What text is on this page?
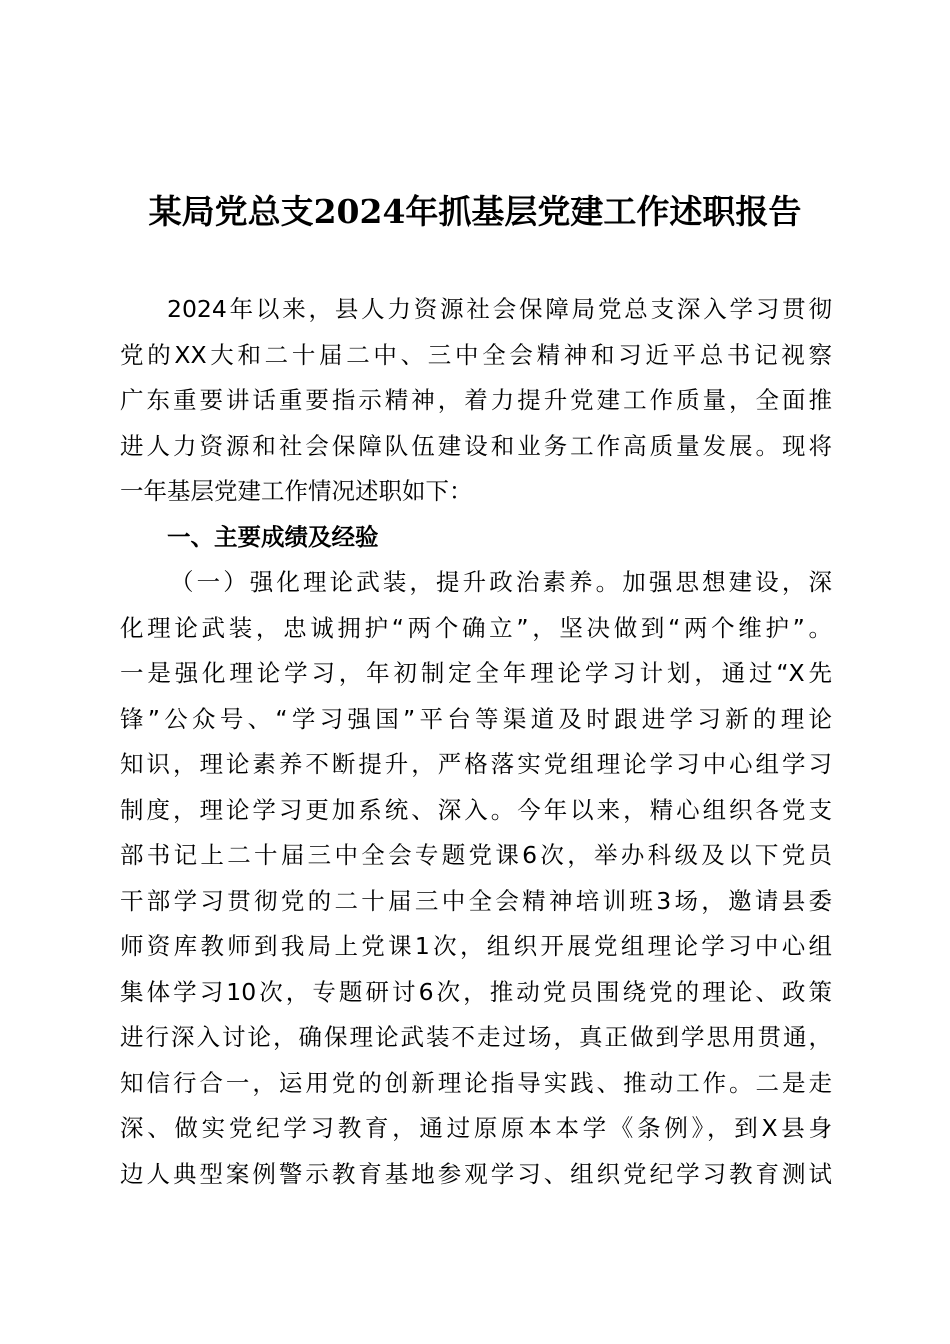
某局党总支2024年抓基层党建工作述职报告
2024年以来，县人力资源社会保障局党总支深入学习贯彻
党的XX大和二十届二中、三中全会精神和习近平总书记视察
广东重要讲话重要指示精神，着力提升党建工作质量，全面推
进人力资源和社会保障队伍建设和业务工作高质量发展。现将
一年基层党建工作情况述职如下：
一、主要成绩及经验
（一）强化理论武装，提升政治素养。加强思想建设，深
化理论武装，忠诚拥护“两个确立”，坚决做到“两个维护”。
一是强化理论学习，年初制定全年理论学习计划，通过“X先
锋”公众号、“学习强国”平台等渠道及时跟进学习新的理论
知识，理论素养不断提升，严格落实党组理论学习中心组学习
制度，理论学习更加系统、深入。今年以来，精心组织各党支
部书记上二十届三中全会专题党课6次，举办科级及以下党员
干部学习贯彻党的二十届三中全会精神培训班3场，邀请县委
师资库教师到我局上党课1次，组织开展党组理论学习中心组
集体学习10次，专题研讨6次，推动党员围绕党的理论、政策
进行深入讨论，确保理论武装不走过场，真正做到学思用贯通，
知信行合一，运用党的创新理论指导实践、推动工作。二是走
深、做实党纪学习教育，通过原原本本学《条例》，到X县身
边人典型案例警示教育基地参观学习、组织党纪学习教育测试
